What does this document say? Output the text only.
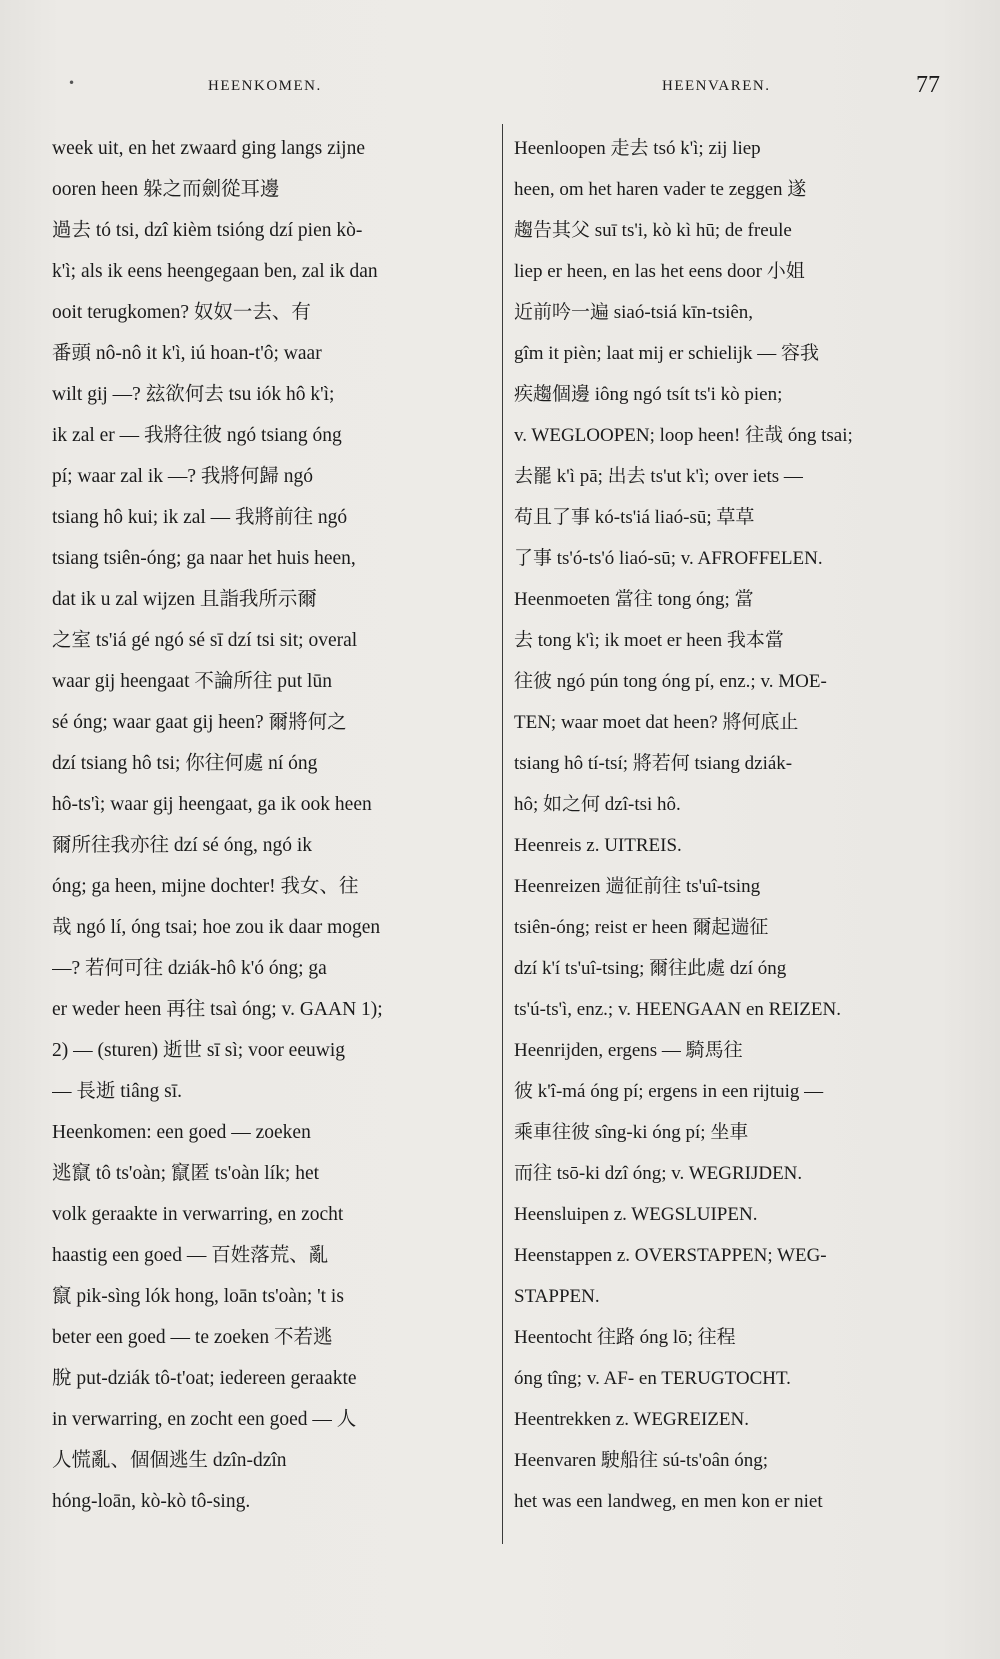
•	HEENKOMEN.	HEENVAREN.	77
week uit, en het zwaard ging langs zijne
ooren heen 躲之而劍從耳邊
過去 tó tsi, dzî kièm tsióng dzí pien kò-
k'ì; als ik eens heengegaan ben, zal ik dan
ooit terugkomen? 奴奴一去、有
番頭 nô-nô it k'ì, iú hoan-t'ô; waar
wilt gij —? 玆欲何去 tsu iók hô k'ì;
ik zal er — 我將往彼 ngó tsiang óng
pí; waar zal ik —? 我將何歸 ngó
tsiang hô kui; ik zal — 我將前往 ngó
tsiang tsiên-óng; ga naar het huis heen,
dat ik u zal wijzen 且詣我所示爾
之室 ts'iá gé ngó sé sī dzí tsi sit; overal
waar gij heengaat 不論所往 put lūn
sé óng; waar gaat gij heen? 爾將何之
dzí tsiang hô tsi; 你往何處 ní óng
hô-ts'ì; waar gij heengaat, ga ik ook heen
爾所往我亦往 dzí sé óng, ngó ik
óng; ga heen, mijne dochter! 我女、往
哉 ngó lí, óng tsai; hoe zou ik daar mogen
—? 若何可往 dziák-hô k'ó óng; ga
er weder heen 再往 tsaì óng; v. GAAN 1);
2) — (sturen) 逝世 sī sì; voor eeuwig
— 長逝 tiâng sī.
Heenkomen: een goed — zoeken
逃竄 tô ts'oàn; 竄匿 ts'oàn lík; het
volk geraakte in verwarring, en zocht
haastig een goed — 百姓落荒、亂
竄 pik-sìng lók hong, loān ts'oàn; 't is
beter een goed — te zoeken 不若逃
脫 put-dziák tô-t'oat; iedereen geraakte
in verwarring, en zocht een goed — 人
人慌亂、個個逃生 dzîn-dzîn
hóng-loān, kò-kò tô-sing.
Heenloopen 走去 tsó k'ì; zij liep
heen, om het haren vader te zeggen 遂
趨告其父 suī ts'i, kò kì hū; de freule
liep er heen, en las het eens door 小姐
近前吟一遍 siaó-tsiá kīn-tsiên,
gîm it pièn; laat mij er schielijk — 容我
疾趨個邊 iông ngó tsít ts'i kò pien;
v. WEGLOOPEN; loop heen! 往哉 óng tsai;
去罷 k'ì pā; 出去 ts'ut k'ì; over iets —
苟且了事 kó-ts'iá liaó-sū; 草草
了事 ts'ó-ts'ó liaó-sū; v. AFROFFELEN.
Heenmoeten 當往 tong óng; 當
去 tong k'ì; ik moet er heen 我本當
往彼 ngó pún tong óng pí, enz.; v. MOE-
TEN; waar moet dat heen? 將何底止
tsiang hô tí-tsí; 將若何 tsiang dziák-
hô; 如之何 dzî-tsi hô.
Heenreis z. UITREIS.
Heenreizen 遄征前往 ts'uî-tsing
tsiên-óng; reist er heen 爾起遄征
dzí k'í ts'uî-tsing; 爾往此處 dzí óng
ts'ú-ts'ì, enz.; v. HEENGAAN en REIZEN.
Heenrijden, ergens — 騎馬往
彼 k'î-má óng pí; ergens in een rijtuig —
乘車往彼 sîng-ki óng pí; 坐車
而往 tsō-ki dzî óng; v. WEGRIJDEN.
Heensluipen z. WEGSLUIPEN.
Heenstappen z. OVERSTAPPEN; WEG-
STAPPEN.
Heentocht 往路 óng lō; 往程
óng tîng; v. AF- en TERUGTOCHT.
Heentrekken z. WEGREIZEN.
Heenvaren 駛船往 sú-ts'oân óng;
het was een landweg, en men kon er niet
